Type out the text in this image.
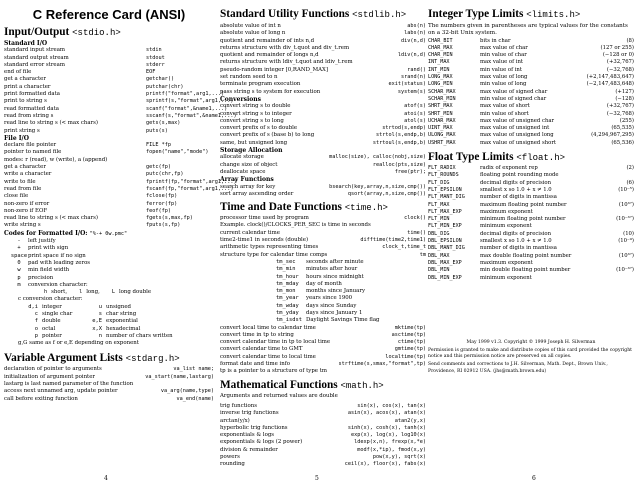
C Reference Card (ANSI)
Input/Output <stdio.h>
Standard I/O
standard input stream	stdin
standard output stream	stdout
standard error stream	stderr
end of file	EOF
get a character	getchar()
print a character	putchar(chr)
print formatted data	printf("format",arg1,...)
print to string s	sprintf(s,"format",arg1,...)
read formatted data	scanf("format",&name1,...)
read from string s	sscanf(s,"format",&name1,...)
read line to string s (< max chars)	gets(s,max)
print string s	puts(s)
File I/O
declare file pointer	FILE *fp
pointer to named file	fopen("name","mode")
modes: r (read), w (write), a (append)
get a character	getc(fp)
write a character	putc(chr,fp)
write to file	fprintf(fp,"format",arg1,...)
read from file	fscanf(fp,"format",arg1,...)
close file	fclose(fp)
non-zero if error	ferror(fp)
non-zero if EOF	feof(fp)
read line to string s (< max chars)	fgets(s,max,fp)
write string s	fputs(s,fp)
Codes for Formatted I/O: "%-+ 0w.pmc"
-	left justify
+	print with sign
space print space if no sign
0	pad with leading zeros
w	min field width
p	precision
m	conversion character:
h short, l long, L long double
c conversion character:
d,i integer	u unsigned
c single char	s char string
f double	e,E exponential
o octal	x,X hexadecimal
p pointer	n number of chars written
g,G same as f or e,E depending on exponent
Variable Argument Lists <stdarg.h>
declaration of pointer to arguments	va_list name;
initialization of argument pointer	va_start(name,lastarg)
lastarg is last named parameter of the function
access next unnamed arg, update pointer	va_arg(name,type)
call before exiting function	va_end(name)
4
Standard Utility Functions <stdlib.h>
absolute value of int n	abs(n)
absolute value of long n	labs(n)
quotient and remainder of ints n,d	div(n,d)
returns structure with div_t.quot and div_t.rem
quotient and remainder of longs n,d	ldiv(n,d)
returns structure with ldiv_t.quot and ldiv_t.rem
pseudo-random integer [0,RAND_MAX]	rand()
set random seed to n	srand(n)
terminate program execution	exit(status)
pass string s to system for execution	system(s)
Conversions
convert string s to double	atof(s)
convert string s to integer	atoi(s)
convert string s to long	atol(s)
convert prefix of s to double	strtod(s,endp)
convert prefix of s (base b) to long	strtol(s,endp,b)
same, but unsigned long	strtoul(s,endp,b)
Storage Allocation
allocate storage	malloc(size), calloc(nobj,size)
change size of object	realloc(pts,size)
deallocate space	free(ptr);
Array Functions
search array for key	bsearch(key,array,n,size,cmp())
sort array ascending order	qsort(array,n,size,cmp())
Time and Date Functions <time.h>
processor time used by program	clock()
Example. clock()/CLOCKS_PER_SEC is time in seconds
current calendar time	time()
time2-time1 in seconds (double)	difftime(time2,time1)
arithmetic types representing times	clock_t,time_t
structure type for calendar time comps	tm
tm_sec	seconds after minute
tm_min	minutes after hour
tm_hour	hours since midnight
tm_mday	day of month
tm_mon	months since January
tm_year	years since 1900
tm_wday	days since Sunday
tm_yday	days since January 1
tm_isdst Daylight Savings Time flag
convert local time to calendar time	mktime(tp)
convert time in tp to string	asctime(tp)
convert calendar time in tp to local time	ctime(tp)
convert calendar time to GMT	gmtime(tp)
convert calendar time to local time	localtime(tp)
format date and time info	strftime(s,smax,"format",tp)
tp is a pointer to a structure of type tm
Mathematical Functions <math.h>
Arguments and returned values are double
trig functions	sin(x), cos(x), tan(x)
inverse trig functions	asin(x), acos(x), atan(x)
arctan(y/x)	atan2(y,x)
hyperbolic trig functions	sinh(x), cosh(x), tanh(x)
exponentials & logs	exp(x), log(x), log10(x)
exponentials & logs (2 power)	ldexp(x,n), frexp(x,*e)
division & remainder	modf(x,*ip), fmod(x,y)
powers	pow(x,y), sqrt(x)
rounding	ceil(x), floor(x), fabs(x)
5
Integer Type Limits <limits.h>
The numbers given in parentheses are typical values for the constants on a 32-bit Unix system.
CHAR_BIT	bits in char	(8)
CHAR_MAX	max value of char	(127 or 255)
CHAR_MIN	min value of char	(−128 or 0)
INT_MAX	max value of int	(+32,767)
INT_MIN	min value of int	(−32,768)
LONG_MAX	max value of long	(+2,147,483,647)
LONG_MIN	min value of long	(−2,147,483,648)
SCHAR_MAX	max value of signed char	(+127)
SCHAR_MIN	min value of signed char	(−128)
SHRT_MAX	max value of short	(+32,767)
SHRT_MIN	min value of short	(−32,768)
UCHAR_MAX	max value of unsigned char	(255)
UINT_MAX	max value of unsigned int	(65,535)
ULONG_MAX	max value of unsigned long	(4,294,967,295)
USHRT_MAX	max value of unsigned short	(65,536)
Float Type Limits <float.h>
FLT_RADIX	radix of exponent rep	(2)
FLT_ROUNDS	floating point rounding mode
FLT_DIG	decimal digits of precision	(6)
FLT_EPSILON	smallest x so 1.0 + x ≠ 1.0	(10⁻⁵)
FLT_MANT_DIG	number of digits in mantissa
FLT_MAX	maximum floating point number	(10³⁷)
FLT_MAX_EXP	maximum exponent
FLT_MIN	minimum floating point number	(10⁻³⁷)
FLT_MIN_EXP	minimum exponent
DBL_DIG	decimal digits of precision	(10)
DBL_EPSILON	smallest x so 1.0 + x ≠ 1.0	(10⁻⁹)
DBL_MANT_DIG	number of digits in mantissa
DBL_MAX	max double floating point number	(10³⁷)
DBL_MAX_EXP	maximum exponent
DBL_MIN	min double floating point number	(10⁻³⁷)
DBL_MIN_EXP	minimum exponent
May 1999 v1.3. Copyright © 1999 Joseph H. Silverman
Permission is granted to make and distribute copies of this card provided the copyright notice and this permission notice are preserved on all copies.
Send comments and corrections to J.H. Silverman, Math. Dept., Brown Univ., Providence, RI 02912 USA. ⟨jhs@math.brown.edu⟩
6
